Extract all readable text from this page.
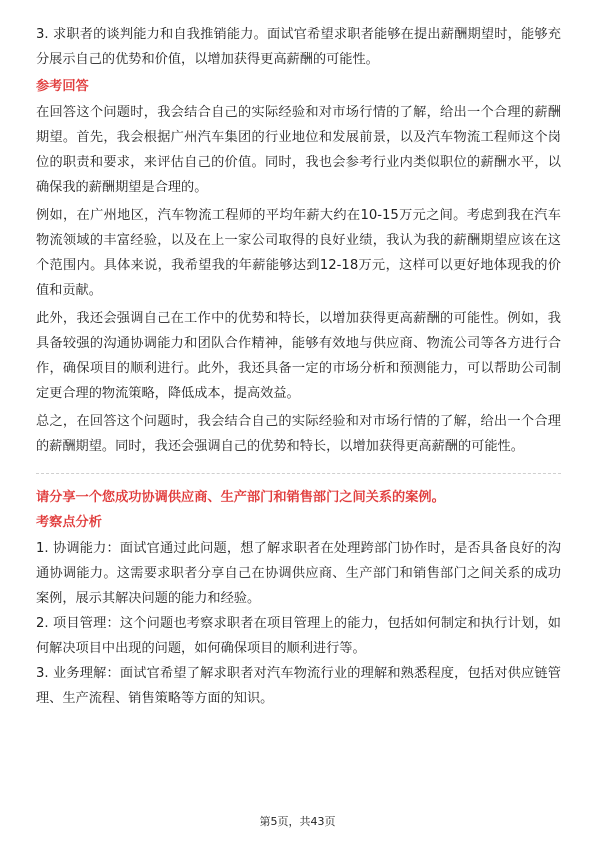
3. 求职者的谈判能力和自我推销能力。面试官希望求职者能够在提出薪酬期望时，能够充分展示自己的优势和价值，以增加获得更高薪酬的可能性。

参考回答

在回答这个问题时，我会结合自己的实际经验和对市场行情的了解，给出一个合理的薪酬期望。首先，我会根据广州汽车集团的行业地位和发展前景，以及汽车物流工程师这个岗位的职责和要求，来评估自己的价值。同时，我也会参考行业内类似职位的薪酬水平，以确保我的薪酬期望是合理的。

例如，在广州地区，汽车物流工程师的平均年薪大约在10-15万元之间。考虑到我在汽车物流领域的丰富经验，以及在上一家公司取得的良好业绩，我认为我的薪酬期望应该在这个范围内。具体来说，我希望我的年薪能够达到12-18万元，这样可以更好地体现我的价值和贡献。

此外，我还会强调自己在工作中的优势和特长，以增加获得更高薪酬的可能性。例如，我具备较强的沟通协调能力和团队合作精神，能够有效地与供应商、物流公司等各方进行合作，确保项目的顺利进行。此外，我还具备一定的市场分析和预测能力，可以帮助公司制定更合理的物流策略，降低成本，提高效益。

总之，在回答这个问题时，我会结合自己的实际经验和对市场行情的了解，给出一个合理的薪酬期望。同时，我还会强调自己的优势和特长，以增加获得更高薪酬的可能性。

请分享一个您成功协调供应商、生产部门和销售部门之间关系的案例。
考察点分析

1. 协调能力：面试官通过此问题，想了解求职者在处理跨部门协作时，是否具备良好的沟通协调能力。这需要求职者分享自己在协调供应商、生产部门和销售部门之间关系的成功案例，展示其解决问题的能力和经验。

2. 项目管理：这个问题也考察求职者在项目管理上的能力，包括如何制定和执行计划，如何解决项目中出现的问题，如何确保项目的顺利进行等。

3. 业务理解：面试官希望了解求职者对汽车物流行业的理解和熟悉程度，包括对供应链管理、生产流程、销售策略等方面的知识。

第5页，共43页
